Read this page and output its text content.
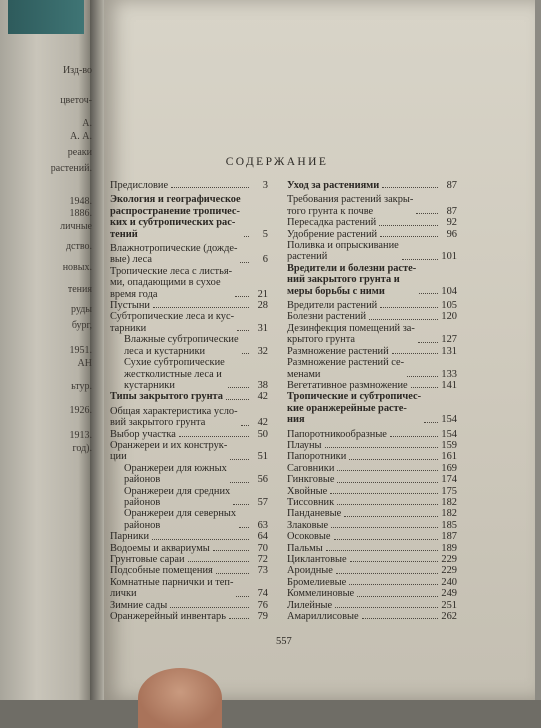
Изд-во
цветоч-
А.
А. А.
реаки
растений.
1948.
1886.
личные
дство.
новых.
тения
руды
бург,
1951.
АН
ьтур.
1926.
1913.
год).
СОДЕРЖАНИЕ
Предисловие	3
Экология и географическое
распространение тропичес-
ких и субтропических рас-
тений	5
Влажнотропические (дожде-
вые) леса	6
Тропические леса с листья-
ми, опадающими в сухое
время года	21
Пустыни	28
Субтропические леса и кус-
тарники	31
Влажные субтропические
леса и кустарники	32
Сухие субтропические
жестколистные леса и
кустарники	38
Типы закрытого грунта	42
Общая характеристика усло-
вий закрытого грунта	42
Выбор участка	50
Оранжереи и их конструк-
ции	51
Оранжереи для южных
районов	56
Оранжереи для средних
районов	57
Оранжереи для северных
районов	63
Парники	64
Водоемы и аквариумы	70
Грунтовые сараи	72
Подсобные помещения	73
Комнатные парнички и теп-
лички	74
Зимние сады	76
Оранжерейный инвентарь	79
Уход за растениями	87
Требования растений закры-
того грунта к почве	87
Пересадка растений	92
Удобрение растений	96
Поливка и опрыскивание
растений	101
Вредители и болезни расте-
ний закрытого грунта и
меры борьбы с ними	104
Вредители растений	105
Болезни растений	120
Дезинфекция помещений за-
крытого грунта	127
Размножение растений	131
Размножение растений се-
менами	133
Вегетативное размножение	141
Тропические и субтропичес-
кие оранжерейные расте-
ния	154
Папоротникообразные	154
Плауны	159
Папоротники	161
Саговники	169
Гинкговые	174
Хвойные	175
Тиссовник	182
Панданевые	182
Злаковые	185
Осоковые	187
Пальмы	189
Циклантовые	229
Ароидные	229
Бромелиевые	240
Коммелиновые	249
Лилейные	251
Амариллисовые	262
557
